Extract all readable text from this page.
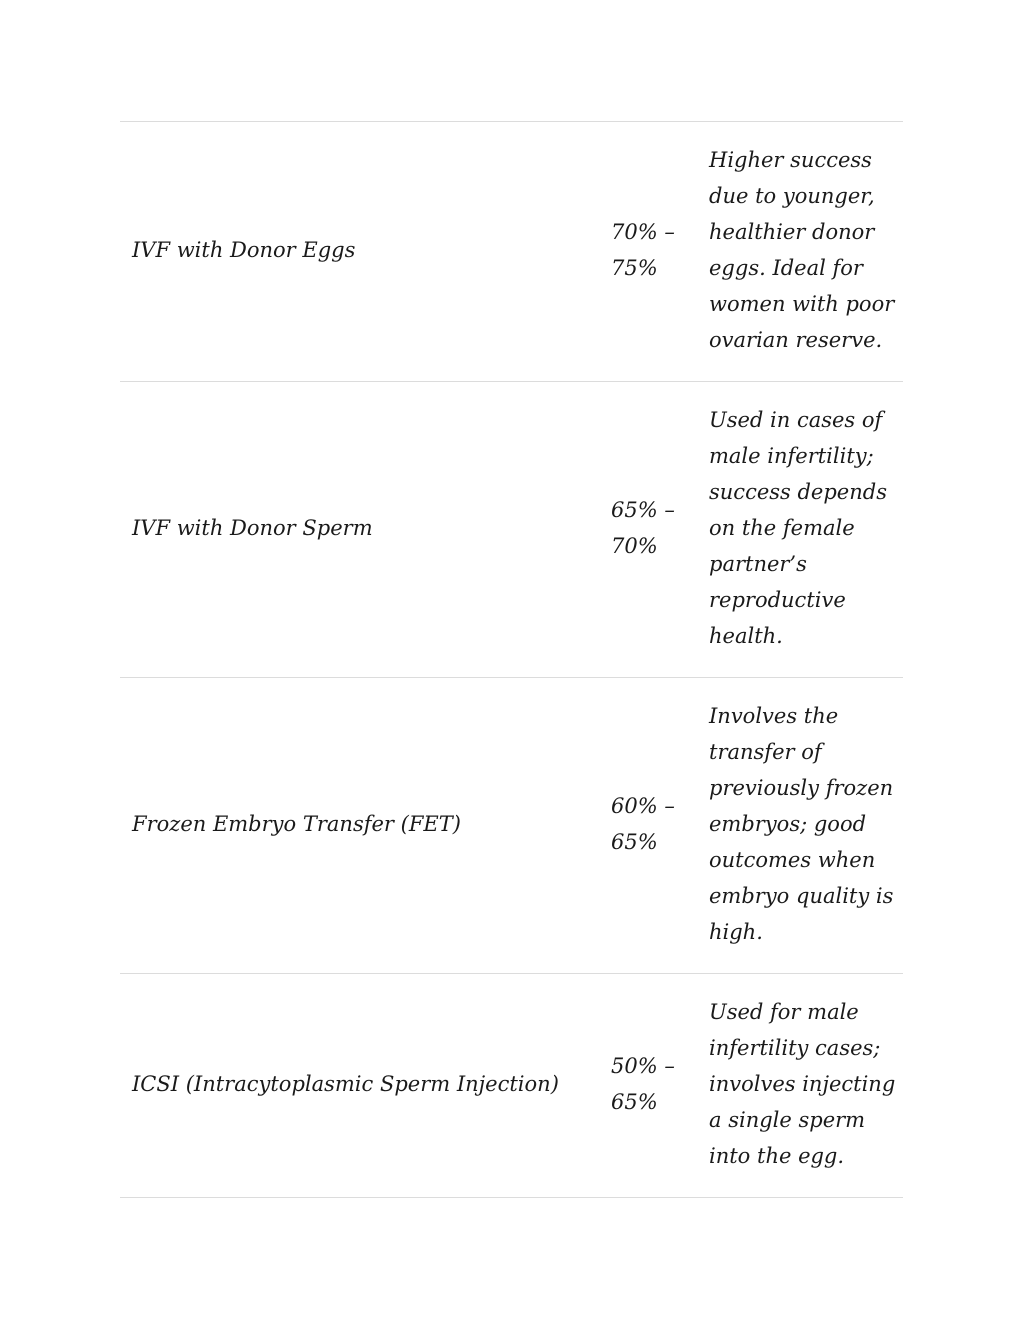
IVF with Donor Eggs
70% – 75%
Higher success due to younger, healthier donor eggs. Ideal for women with poor ovarian reserve.
IVF with Donor Sperm
65% – 70%
Used in cases of male infertility; success depends on the female partner’s reproductive health.
Frozen Embryo Transfer (FET)
60% – 65%
Involves the transfer of previously frozen embryos; good outcomes when embryo quality is high.
ICSI (Intracytoplasmic Sperm Injection)
50% – 65%
Used for male infertility cases; involves injecting a single sperm into the egg.
